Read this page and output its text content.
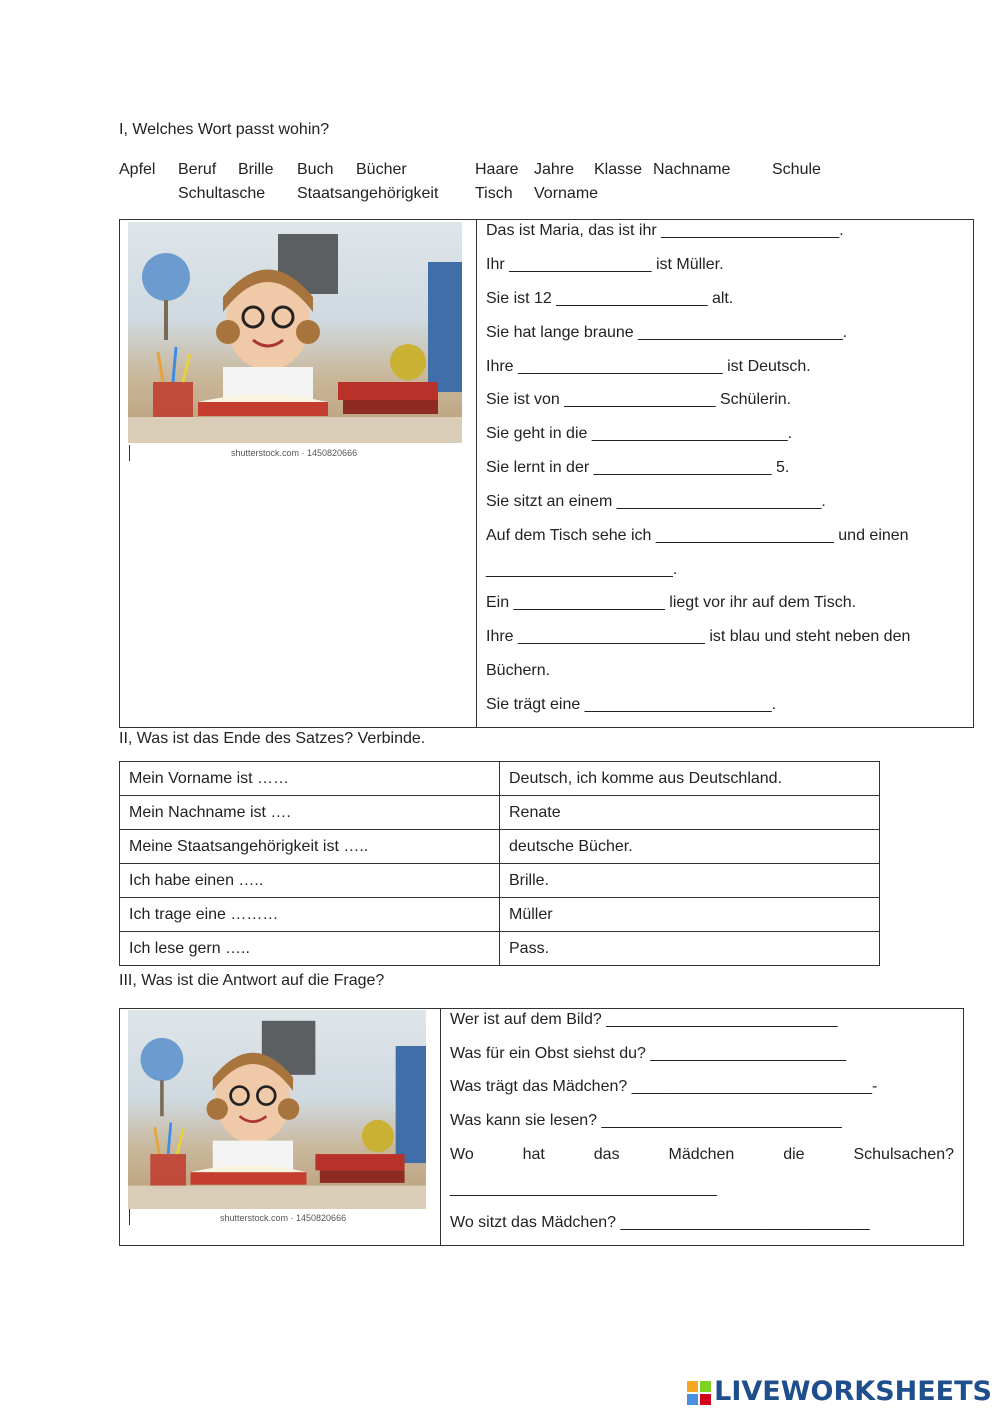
I, Welches Wort passt wohin?
Apfel Beruf Brille Buch Bücher	Haare Jahre Klasse Nachname	Schule
Schultasche Staatsangehörigkeit Tisch Vorname
shutterstock.com · 1450820666

Das ist Maria, das ist ihr ____________________.
Ihr ________________ ist Müller.
Sie ist 12 _________________ alt.
Sie hat lange braune _______________________.
Ihre _______________________ ist Deutsch.
Sie ist von _________________ Schülerin.
Sie geht in die ______________________.
Sie lernt in der ____________________ 5.
Sie sitzt an einem _______________________.
Auf dem Tisch sehe ich ____________________ und einen
_____________________.
Ein _________________ liegt vor ihr auf dem Tisch.
Ihre _____________________ ist blau und steht neben den
Büchern.
Sie trägt eine _____________________.
II, Was ist das Ende des Satzes? Verbinde.
Mein Vorname ist ……	Deutsch, ich komme aus Deutschland.
Mein Nachname ist ….	Renate
Meine Staatsangehörigkeit ist …..	deutsche Bücher.
Ich habe einen …..	Brille.
Ich trage eine ………	Müller
Ich lese gern …..	Pass.
III, Was ist die Antwort auf die Frage?
shutterstock.com · 1450820666

Wer ist auf dem Bild? __________________________
Was für ein Obst siehst du? ______________________
Was trägt das Mädchen? ___________________________-
Was kann sie lesen? ___________________________
Wo	hat	das	Mädchen	die	Schulsachen?
______________________________
Wo sitzt das Mädchen? ____________________________
LIVEWORKSHEETS
